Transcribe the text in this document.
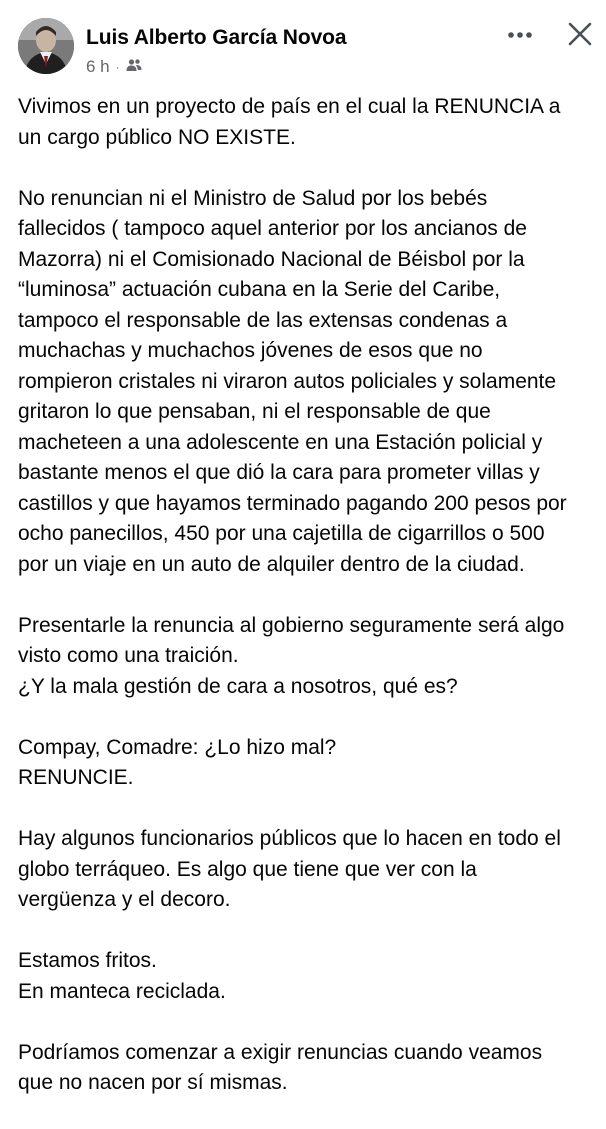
Luis Alberto García Novoa
6 h ·

Vivimos en un proyecto de país en el cual la RENUNCIA a
un cargo público NO EXISTE.

No renuncian ni el Ministro de Salud por los bebés
fallecidos ( tampoco aquel anterior por los ancianos de
Mazorra) ni el Comisionado Nacional de Béisbol por la
“luminosa” actuación cubana en la Serie del Caribe,
tampoco el responsable de las extensas condenas a
muchachas y muchachos jóvenes de esos que no
rompieron cristales ni viraron autos policiales y solamente
gritaron lo que pensaban, ni el responsable de que
macheteen a una adolescente en una Estación policial y
bastante menos el que dió la cara para prometer villas y
castillos y que hayamos terminado pagando 200 pesos por
ocho panecillos, 450 por una cajetilla de cigarrillos o 500
por un viaje en un auto de alquiler dentro de la ciudad.

Presentarle la renuncia al gobierno seguramente será algo
visto como una traición.
¿Y la mala gestión de cara a nosotros, qué es?

Compay, Comadre: ¿Lo hizo mal?
RENUNCIE.

Hay algunos funcionarios públicos que lo hacen en todo el
globo terráqueo. Es algo que tiene que ver con la
vergüenza y el decoro.

Estamos fritos.
En manteca reciclada.

Podríamos comenzar a exigir renuncias cuando veamos
que no nacen por sí mismas.
